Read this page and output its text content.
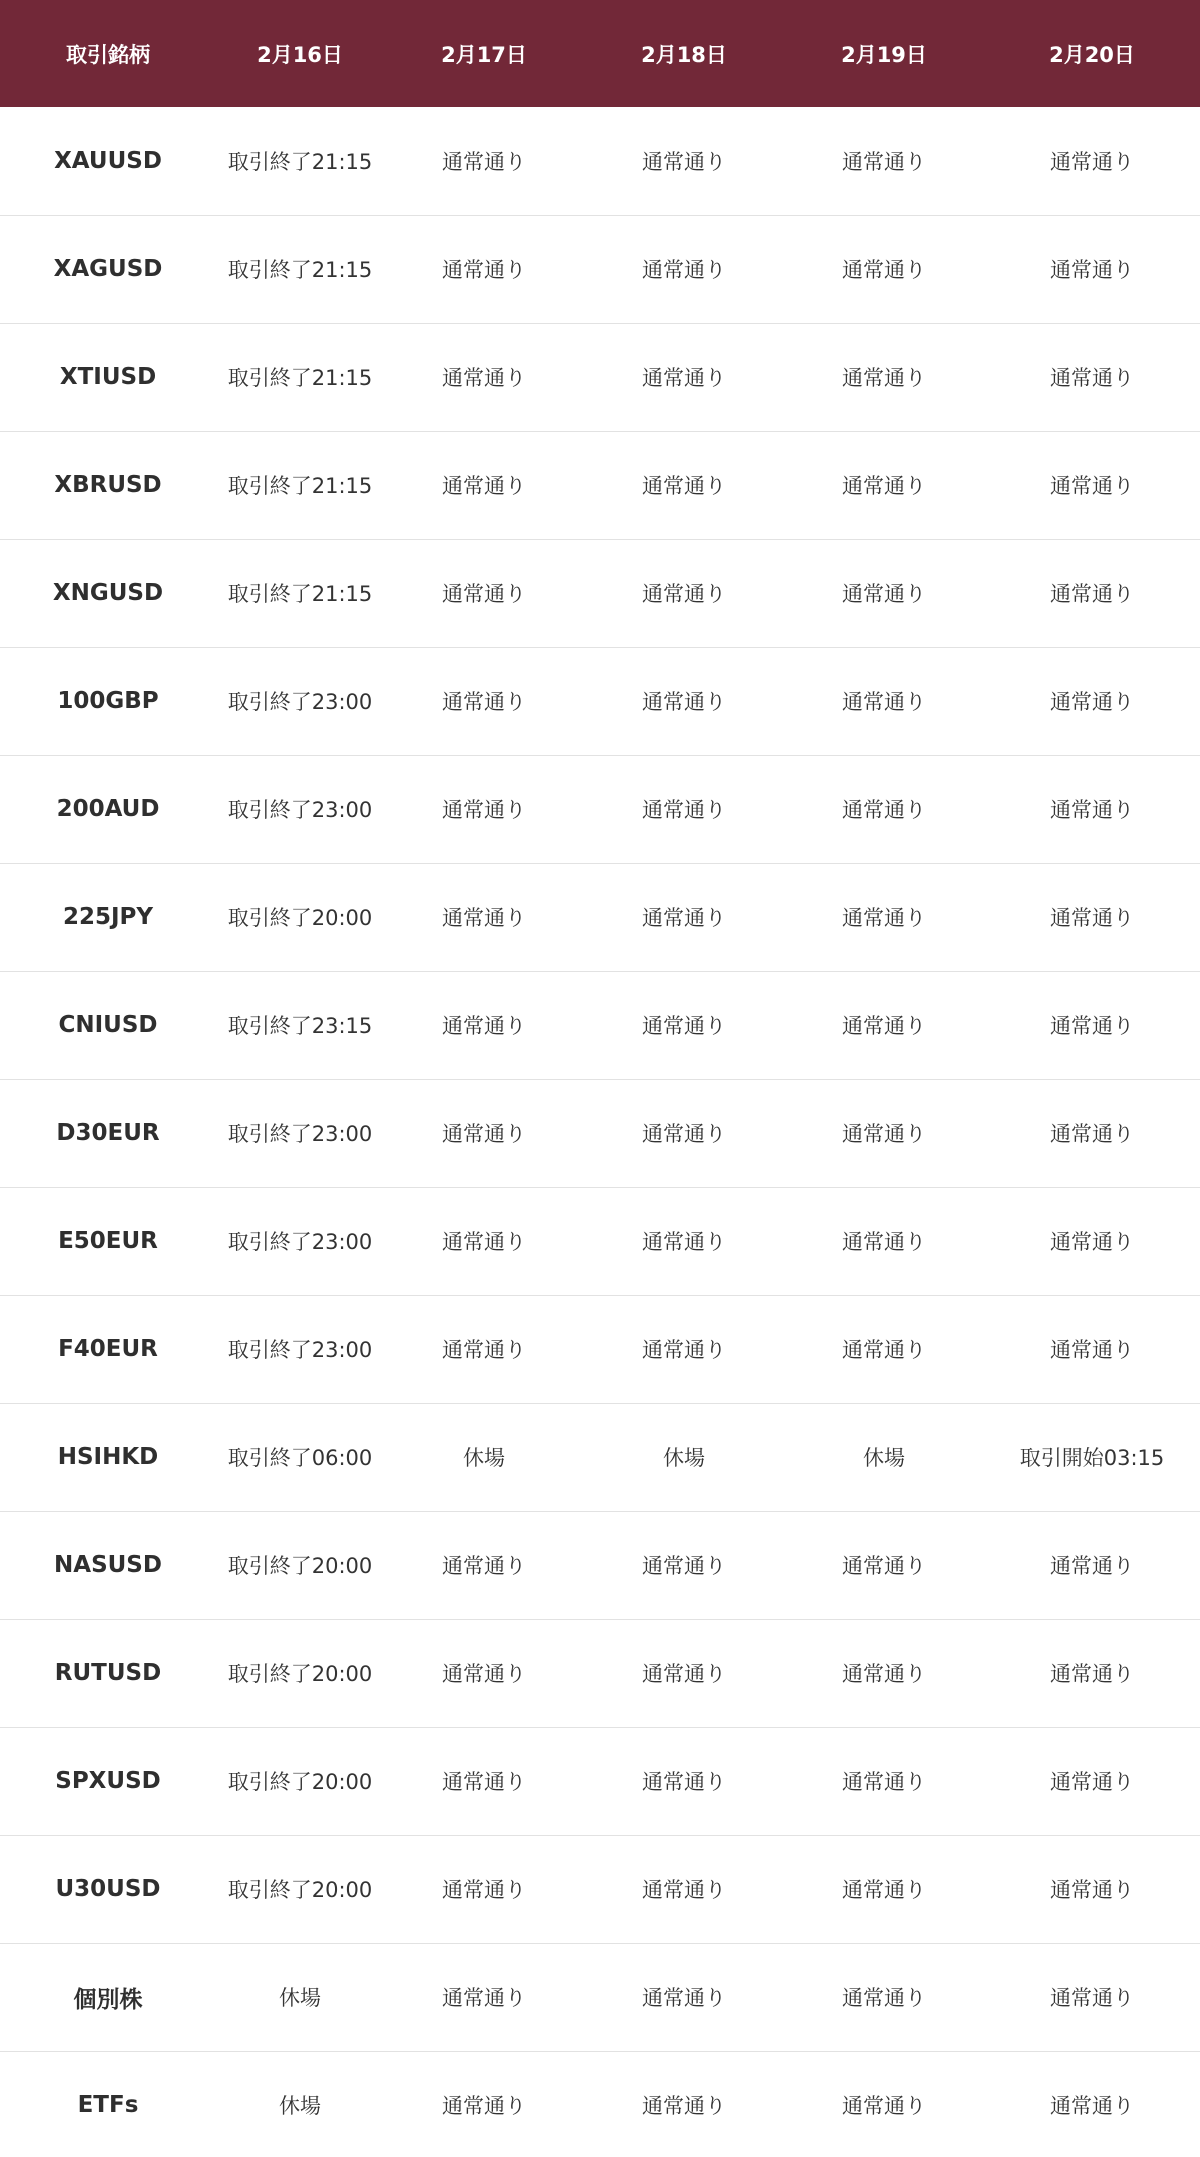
取引銘柄	2月16日	2月17日	2月18日	2月19日	2月20日
XAUUSD	取引終了21:15	通常通り	通常通り	通常通り	通常通り
XAGUSD	取引終了21:15	通常通り	通常通り	通常通り	通常通り
XTIUSD	取引終了21:15	通常通り	通常通り	通常通り	通常通り
XBRUSD	取引終了21:15	通常通り	通常通り	通常通り	通常通り
XNGUSD	取引終了21:15	通常通り	通常通り	通常通り	通常通り
100GBP	取引終了23:00	通常通り	通常通り	通常通り	通常通り
200AUD	取引終了23:00	通常通り	通常通り	通常通り	通常通り
225JPY	取引終了20:00	通常通り	通常通り	通常通り	通常通り
CNIUSD	取引終了23:15	通常通り	通常通り	通常通り	通常通り
D30EUR	取引終了23:00	通常通り	通常通り	通常通り	通常通り
E50EUR	取引終了23:00	通常通り	通常通り	通常通り	通常通り
F40EUR	取引終了23:00	通常通り	通常通り	通常通り	通常通り
HSIHKD	取引終了06:00	休場	休場	休場	取引開始03:15
NASUSD	取引終了20:00	通常通り	通常通り	通常通り	通常通り
RUTUSD	取引終了20:00	通常通り	通常通り	通常通り	通常通り
SPXUSD	取引終了20:00	通常通り	通常通り	通常通り	通常通り
U30USD	取引終了20:00	通常通り	通常通り	通常通り	通常通り
個別株	休場	通常通り	通常通り	通常通り	通常通り
ETFs	休場	通常通り	通常通り	通常通り	通常通り
